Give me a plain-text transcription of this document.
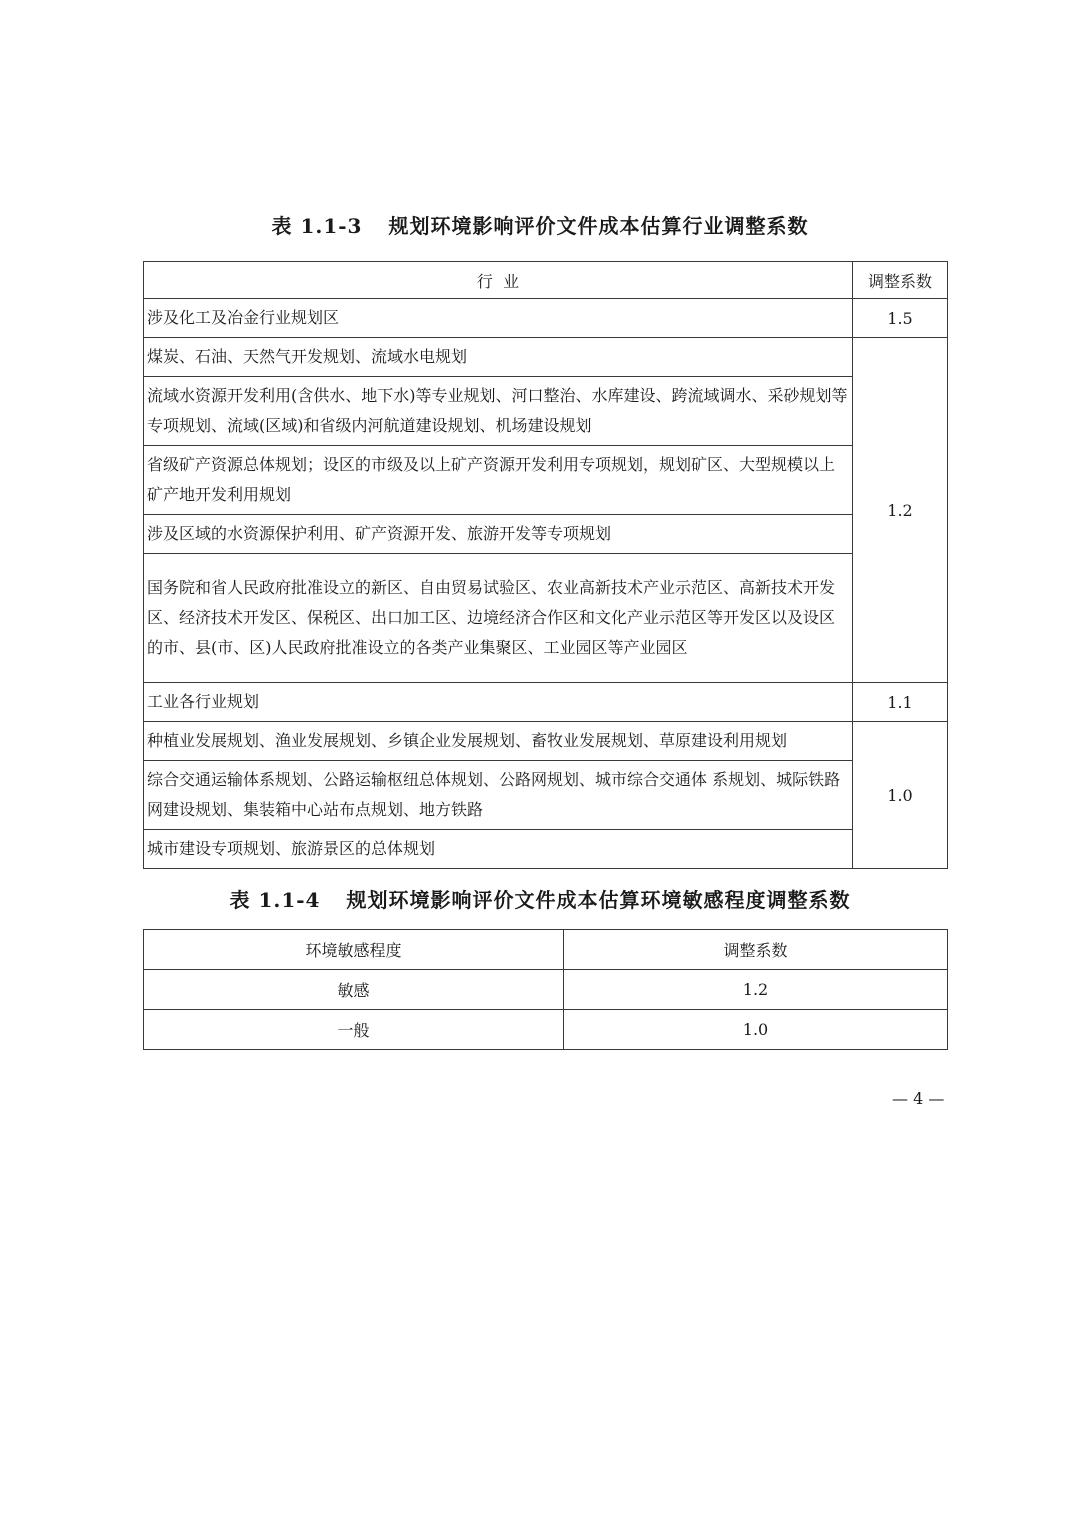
表 1.1-3 规划环境影响评价文件成本估算行业调整系数
行  业	调整系数
涉及化工及冶金行业规划区	1.5
煤炭、石油、天然气开发规划、流域水电规划	1.2
流域水资源开发利用(含供水、地下水)等专业规划、河口整治、水库建设、跨流域调水、采砂规划等专项规划、流域(区域)和省级内河航道建设规划、机场建设规划	
省级矿产资源总体规划；设区的市级及以上矿产资源开发利用专项规划，规划矿区、大型规模以上矿产地开发利用规划	
涉及区域的水资源保护利用、矿产资源开发、旅游开发等专项规划	
国务院和省人民政府批准设立的新区、自由贸易试验区、农业高新技术产业示范区、高新技术开发区、经济技术开发区、保税区、出口加工区、边境经济合作区和文化产业示范区等开发区以及设区的市、县(市、区)人民政府批准设立的各类产业集聚区、工业园区等产业园区	
工业各行业规划	1.1
种植业发展规划、渔业发展规划、乡镇企业发展规划、畜牧业发展规划、草原建设利用规划	1.0
综合交通运输体系规划、公路运输枢纽总体规划、公路网规划、城市综合交通体 系规划、城际铁路网建设规划、集装箱中心站布点规划、地方铁路	
城市建设专项规划、旅游景区的总体规划	
表 1.1-4 规划环境影响评价文件成本估算环境敏感程度调整系数
环境敏感程度	调整系数
敏感	1.2
一般	1.0
— 4 —
